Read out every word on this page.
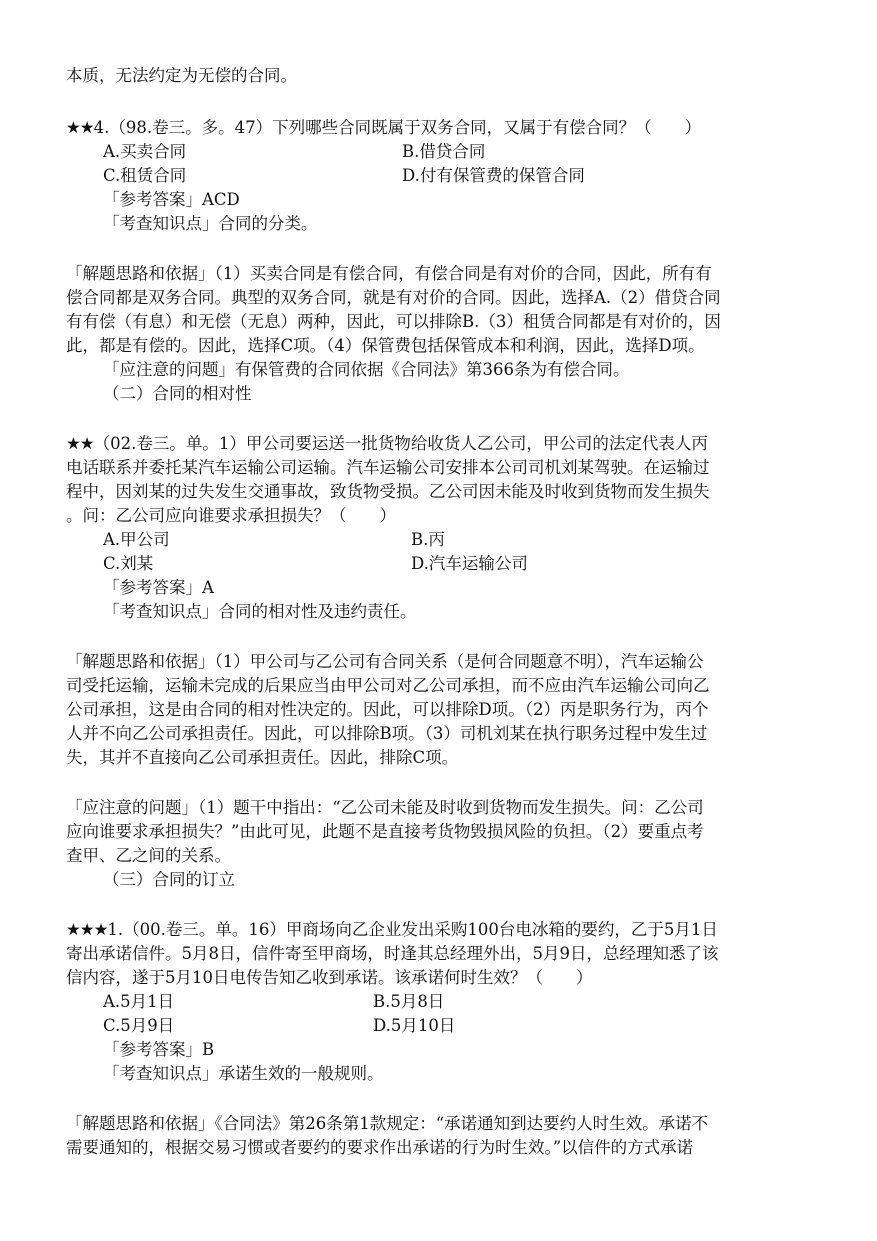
本质，无法约定为无偿的合同。
★★4.（98.卷三。多。47）下列哪些合同既属于双务合同，又属于有偿合同？（　　）
A.买卖合同	B.借贷合同
C.租赁合同	D.付有保管费的保管合同
「参考答案」ACD
「考查知识点」合同的分类。
「解题思路和依据」（1）买卖合同是有偿合同，有偿合同是有对价的合同，因此，所有有
偿合同都是双务合同。典型的双务合同，就是有对价的合同。因此，选择A.（2）借贷合同
有有偿（有息）和无偿（无息）两种，因此，可以排除B.（3）租赁合同都是有对价的，因
此，都是有偿的。因此，选择C项。（4）保管费包括保管成本和利润，因此，选择D项。
「应注意的问题」有保管费的合同依据《合同法》第366条为有偿合同。
（二）合同的相对性
★★（02.卷三。单。1）甲公司要运送一批货物给收货人乙公司，甲公司的法定代表人丙
电话联系并委托某汽车运输公司运输。汽车运输公司安排本公司司机刘某驾驶。在运输过
程中，因刘某的过失发生交通事故，致货物受损。乙公司因未能及时收到货物而发生损失
。问：乙公司应向谁要求承担损失？（　　）
A.甲公司	B.丙
C.刘某	D.汽车运输公司
「参考答案」A
「考查知识点」合同的相对性及违约责任。
「解题思路和依据」（1）甲公司与乙公司有合同关系（是何合同题意不明），汽车运输公
司受托运输，运输未完成的后果应当由甲公司对乙公司承担，而不应由汽车运输公司向乙
公司承担，这是由合同的相对性决定的。因此，可以排除D项。（2）丙是职务行为，丙个
人并不向乙公司承担责任。因此，可以排除B项。（3）司机刘某在执行职务过程中发生过
失，其并不直接向乙公司承担责任。因此，排除C项。
「应注意的问题」（1）题干中指出：“乙公司未能及时收到货物而发生损失。问：乙公司
应向谁要求承担损失？”由此可见，此题不是直接考货物毁损风险的负担。（2）要重点考
查甲、乙之间的关系。
（三）合同的订立
★★★1.（00.卷三。单。16）甲商场向乙企业发出采购100台电冰箱的要约，乙于5月1日
寄出承诺信件。5月8日，信件寄至甲商场，时逢其总经理外出，5月9日，总经理知悉了该
信内容，遂于5月10日电传告知乙收到承诺。该承诺何时生效？（　　）
A.5月1日	B.5月8日
C.5月9日	D.5月10日
「参考答案」B
「考查知识点」承诺生效的一般规则。
「解题思路和依据」《合同法》第26条第1款规定：“承诺通知到达要约人时生效。承诺不
需要通知的，根据交易习惯或者要约的要求作出承诺的行为时生效。”以信件的方式承诺
